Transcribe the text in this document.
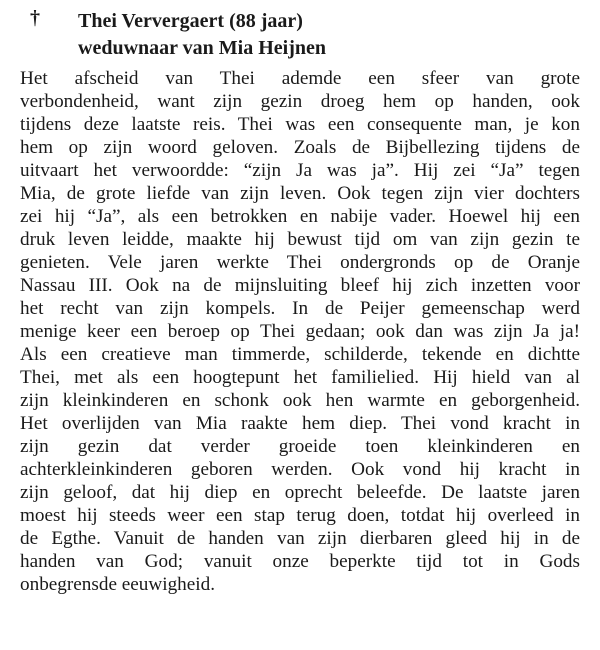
† Thei Ververgaert (88 jaar)
weduwnaar van Mia Heijnen
Het afscheid van Thei ademde een sfeer van grote
verbondenheid, want zijn gezin droeg hem op handen, ook
tijdens deze laatste reis. Thei was een consequente man, je kon
hem op zijn woord geloven. Zoals de Bijbellezing tijdens de
uitvaart het verwoordde: “zijn Ja was ja”. Hij zei “Ja” tegen
Mia, de grote liefde van zijn leven. Ook tegen zijn vier dochters
zei hij “Ja”, als een betrokken en nabije vader. Hoewel hij een
druk leven leidde, maakte hij bewust tijd om van zijn gezin te
genieten. Vele jaren werkte Thei ondergronds op de Oranje
Nassau III. Ook na de mijnsluiting bleef hij zich inzetten voor
het recht van zijn kompels. In de Peijer gemeenschap werd
menige keer een beroep op Thei gedaan; ook dan was zijn Ja ja!
Als een creatieve man timmerde, schilderde, tekende en dichtte
Thei, met als een hoogtepunt het familielied. Hij hield van al
zijn kleinkinderen en schonk ook hen warmte en geborgenheid.
Het overlijden van Mia raakte hem diep. Thei vond kracht in
zijn gezin dat verder groeide toen kleinkinderen en
achterkleinkinderen geboren werden. Ook vond hij kracht in
zijn geloof, dat hij diep en oprecht beleefde. De laatste jaren
moest hij steeds weer een stap terug doen, totdat hij overleed in
de Egthe. Vanuit de handen van zijn dierbaren gleed hij in de
handen van God; vanuit onze beperkte tijd tot in Gods
onbegrensde eeuwigheid.
